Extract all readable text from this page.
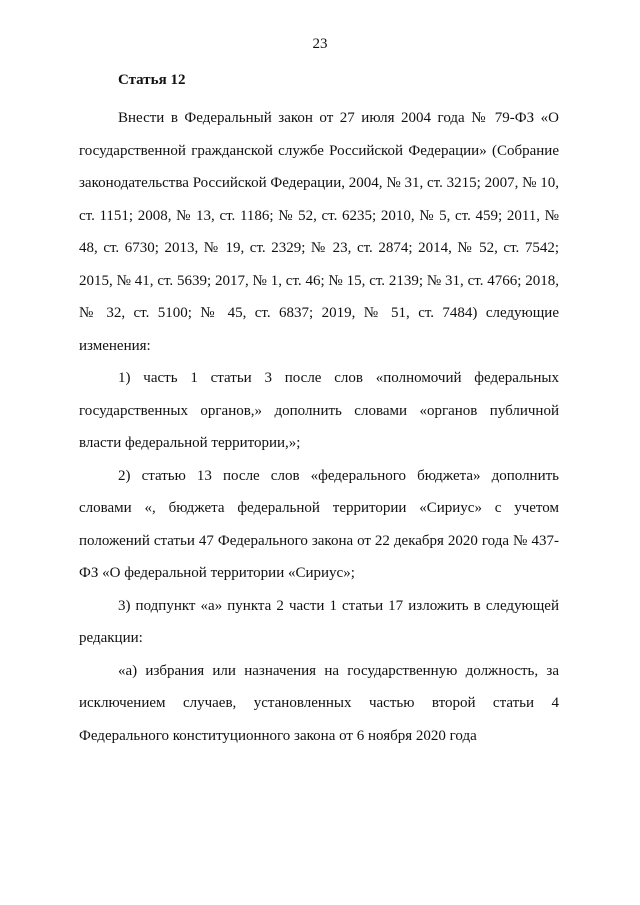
23
Статья 12

Внести в Федеральный закон от 27 июля 2004 года № 79-ФЗ «О государственной гражданской службе Российской Федерации» (Собрание законодательства Российской Федерации, 2004, № 31, ст. 3215; 2007, № 10, ст. 1151; 2008, № 13, ст. 1186; № 52, ст. 6235; 2010, № 5, ст. 459; 2011, № 48, ст. 6730; 2013, № 19, ст. 2329; № 23, ст. 2874; 2014, № 52, ст. 7542; 2015, № 41, ст. 5639; 2017, № 1, ст. 46; № 15, ст. 2139; № 31, ст. 4766; 2018, № 32, ст. 5100; № 45, ст. 6837; 2019, № 51, ст. 7484) следующие изменения:

1) часть 1 статьи 3 после слов «полномочий федеральных государственных органов,» дополнить словами «органов публичной власти федеральной территории,»;

2) статью 13 после слов «федерального бюджета» дополнить словами «, бюджета федеральной территории «Сириус» с учетом положений статьи 47 Федерального закона от 22 декабря 2020 года № 437-ФЗ «О федеральной территории «Сириус»;

3) подпункт «а» пункта 2 части 1 статьи 17 изложить в следующей редакции:

«а) избрания или назначения на государственную должность, за исключением случаев, установленных частью второй статьи 4 Федерального конституционного закона от 6 ноября 2020 года
